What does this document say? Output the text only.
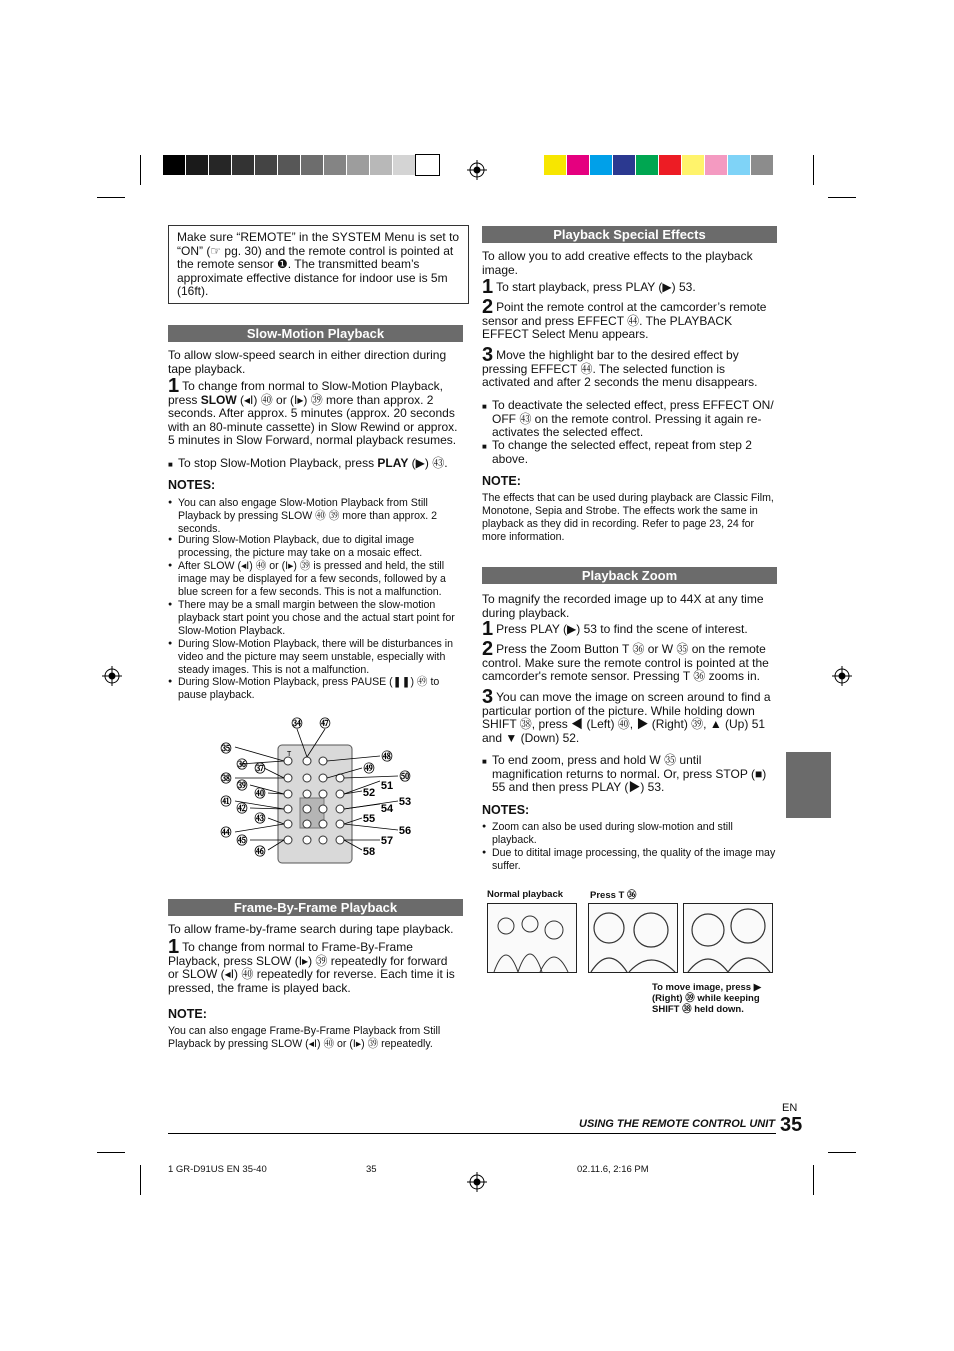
Make sure “REMOTE” in the SYSTEM Menu is set to “ON” (☞ pg. 30) and the remote control is pointed at the remote sensor ❶. The transmitted beam’s approximate effective distance for indoor use is 5m (16ft).
Slow-Motion Playback
To allow slow-speed search in either direction during tape playback.
1 To change from normal to Slow-Motion Playback, press SLOW (◂I) ㊵ or (I▸) ㊴ more than approx. 2 seconds. After approx. 5 minutes (approx. 20 seconds with an 80-minute cassette) in Slow Rewind or approx. 5 minutes in Slow Forward, normal playback resumes.
■ To stop Slow-Motion Playback, press PLAY (▶) ㊸.
NOTES:
● You can also engage Slow-Motion Playback from Still Playback by pressing SLOW ㊵ ㊴ more than approx. 2 seconds.
● During Slow-Motion Playback, due to digital image processing, the picture may take on a mosaic effect.
● After SLOW (◂I) ㊵ or (I▸) ㊴ is pressed and held, the still image may be displayed for a few seconds, followed by a blue screen for a few seconds. This is not a malfunction.
● There may be a small margin between the slow-motion playback start point you chose and the actual start point for Slow-Motion Playback.
● During Slow-Motion Playback, there will be disturbances in video and the picture may seem unstable, especially with steady images. This is not a malfunction.
● During Slow-Motion Playback, press PAUSE (❚❚) ㊾ to pause playback.
T
㉟
㊱
㊳
㊶
㊹
㊲
㊴
㊵
㊷
㊸
㊺
㊻
㉞ ㊼
㊽
㊾
㊿
51
52
53
54
55
56
57
58
Frame-By-Frame Playback
To allow frame-by-frame search during tape playback.
1 To change from normal to Frame-By-Frame Playback, press SLOW (I▸) ㊴ repeatedly for forward or SLOW (◂I) ㊵ repeatedly for reverse. Each time it is pressed, the frame is played back.
NOTE:
You can also engage Frame-By-Frame Playback from Still Playback by pressing SLOW (◂I) ㊵ or (I▸) ㊴ repeatedly.
Playback Special Effects
To allow you to add creative effects to the playback image.
1 To start playback, press PLAY (▶) 53.
2 Point the remote control at the camcorder’s remote sensor and press EFFECT ㊹. The PLAYBACK EFFECT Select Menu appears.
3 Move the highlight bar to the desired effect by pressing EFFECT ㊹. The selected function is activated and after 2 seconds the menu disappears.
■ To deactivate the selected effect, press EFFECT ON/ OFF ㊸ on the remote control. Pressing it again re-activates the selected effect.
■ To change the selected effect, repeat from step 2 above.
NOTE:
The effects that can be used during playback are Classic Film, Monotone, Sepia and Strobe. The effects work the same in playback as they did in recording. Refer to page 23, 24 for more information.
Playback Zoom
To magnify the recorded image up to 44X at any time during playback.
1 Press PLAY (▶) 53 to find the scene of interest.
2 Press the Zoom Button T ㊱ or W ㉟ on the remote control. Make sure the remote control is pointed at the camcorder's remote sensor. Pressing T ㊱ zooms in.
3 You can move the image on screen around to find a particular portion of the picture. While holding down SHIFT ㊳, press ◀ (Left) ㊵, ▶ (Right) ㊴, ▲ (Up) 51 and ▼ (Down) 52.
■ To end zoom, press and hold W ㉟ until magnification returns to normal. Or, press STOP (■) 55 and then press PLAY (▶) 53.
NOTES:
● Zoom can also be used during slow-motion and still playback.
● Due to ditital image processing, the quality of the image may suffer.
Normal playback	Press T ㊱
To move image, press ▶ (Right) ㊴ while keeping SHIFT ㊳ held down.
EN
35
USING THE REMOTE CONTROL UNIT
1 GR-D91US EN 35-40	35	02.11.6, 2:16 PM
